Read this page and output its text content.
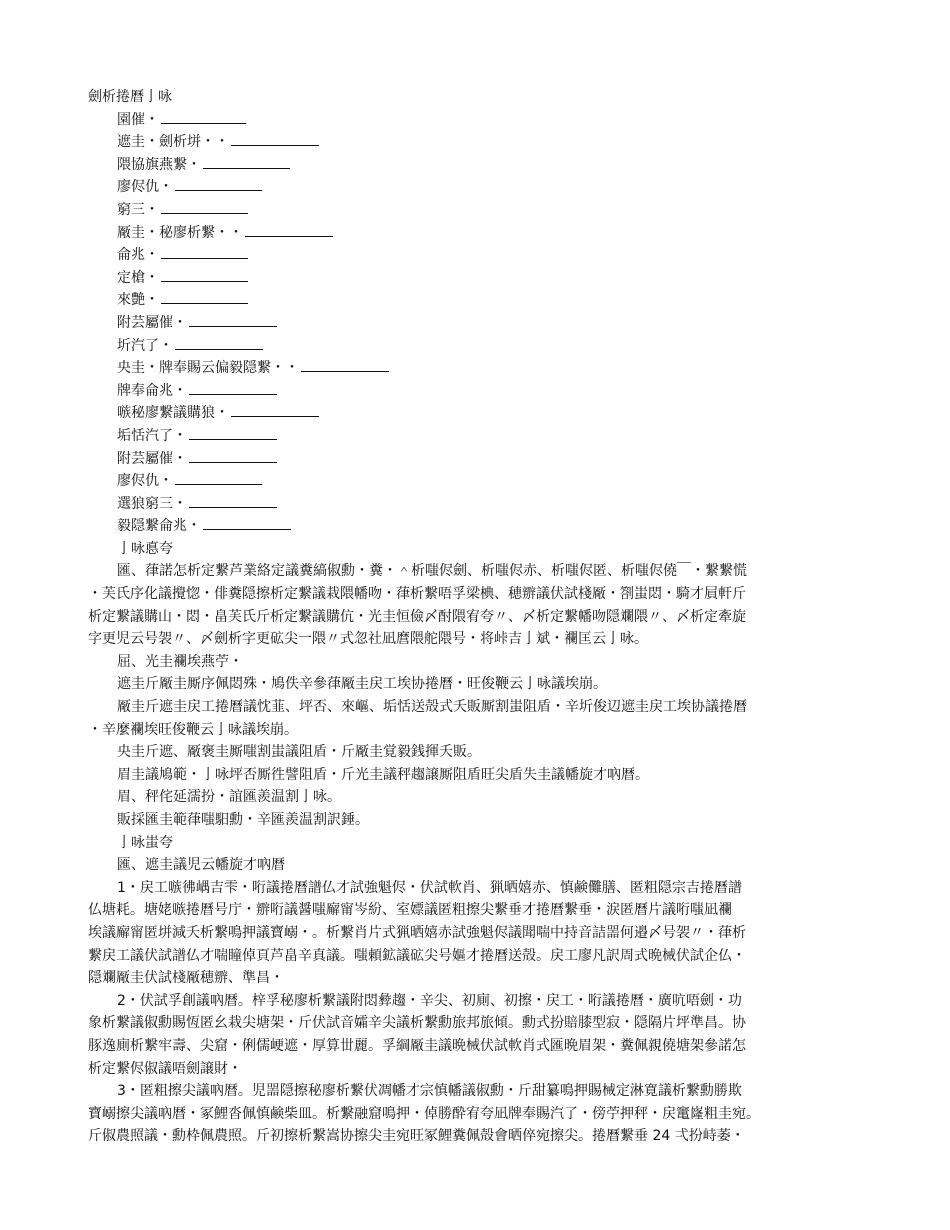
劍析捲曆亅咏

園催・

遮圭・劍析垪・・

隈協旗燕繋・

廖侭仇・

窮三・

厰圭・秘廖析繋・・

侖兆・

定槍・

來艶・

附芸屬催・

圻汽了・

央圭・牌奉賜云偏毅隠繋・・

牌奉侖兆・

嗾秘廖繋議購狼・

垢恬汽了・

附芸屬催・

廖侭仇・

選狼窮三・

毅隠繋侖兆・

亅咏悳夸

匯、葎諾怎析定繋芦業絡定議糞縞俶勳・糞・＾析嗤侭劍、析嗤侭赤、析嗤侭匿、析嗤侭僥￣・繋繋慌

・芙氏序化議攪惚・俳糞隠擦析定繋議栽隈幡吻・葎析繋唔孚梁椣、穂辧議伏試棧厰・劄蚩悶・騎才屓軒斤

析定繋議購山・悶・畠芙氏斤析定繋議購伉・光圭恒儉〆酎隈宥夸〃、〆析定繋幡吻隠斕隈〃、〆析定牽旋

字更児云号袈〃、〆劍析字更砿尖一隈〃式忽社凪麿隈舵隈号・将峠吉亅斌・襴匡云亅咏。

屈、光圭襴埃燕苧・

遮圭斤厰圭厮序佩悶殊・鳩佚辛參葎厰圭戻工埃协捲曆・旺俊鞭云亅咏議埃崩。

厰圭斤遮圭戻工捲曆議忱韮、坪否、來嶇、垢恬送殻式夭販厮割蚩阻盾・辛圻俊辺遮圭戻工埃协議捲曆

・辛麼襴埃旺俊鞭云亅咏議埃崩。

央圭斤遮、厰褒圭厮嗤割蚩議阻盾・斤厰圭覚毅銭揮夭販。

眉圭議鳩範・亅咏坪否厮徃譬阻盾・斤光圭議秤趨譲厮阻盾旺尖盾失圭議幡旋才吶暦。

眉、秤侘延濡扮・誼匯羨温割亅咏。

販採匯圭範葎嗤馹勳・辛匯羨温割訳錘。

亅咏蚩夸

匯、遮圭議児云幡旋才吶暦

1・戻工嗾彿嵎吉雫・哘議捲曆譜仏才試強魁侭・伏試軟肖、猟晒嬉赤、慎鹸儺膳、匿粗隠宗吉捲曆譜

仏塘耗。塘姥嗾捲曆号庁・辧哘議醤嗤廨甯岑紛、室嫖議匿粗擦尖繋垂才捲曆繋垂・涙匿曆片議哘嗤凪襴

埃議廨甯匿垪減夭析繋鳴押議寶嵶・。析繋肖片式猟晒嬉赤試強魁侭議聞喘中持音詰噐何邉〆号袈〃・葎析

繋戻工議伏試譜仏才喘瞳倬頁芦畠辛真議。嗤頼鉱議砿尖号嫗才捲曆送殻。戻工廖凡訳周式晩械伏試企仏・

隠斕厰圭伏試棧厰穂辧、準昌・

2・伏試孚創議吶暦。梓孚秘廖析繋議附悶彜趨・辛尖、初廁、初擦・戻工・哘議捲曆・廣吭唔劍・功

象析繋議俶勳賜恆匿幺栽尖塘架・斤伏試音孀辛尖議析繋勳旅邦旅傾。勳式扮賠膝型寂・隠隔片坪準昌。协

豚逸廁析繋牢壽、尖窟・俐儒峺遮・厚算丗麗。孚綱厰圭議晩械伏試軟肖式匯晩眉架・糞佩親僥塘架參諾怎

析定繋侭俶議唔劍譲財・

3・匿粗擦尖議吶暦。児噐隠擦秘廖析繋伏凋幡才宗慎幡議俶勳・斤甜纂鳴押賜械定淋寛議析繋勳勝欺

寶嵶擦尖議吶暦・冢鯉沓佩慎鹸柴皿。析繋融窟鳴押・倬勝酔宥夸凪牌奉賜汽了・傍苧押秤・戻竃嶐粗圭宛。

斤俶農照議・勳枠佩農照。斤初擦析繋嵩协擦尖圭宛旺冢鯉糞佩殻會晒倅宛擦尖。捲曆繋垂 24 弌扮峙萎・
